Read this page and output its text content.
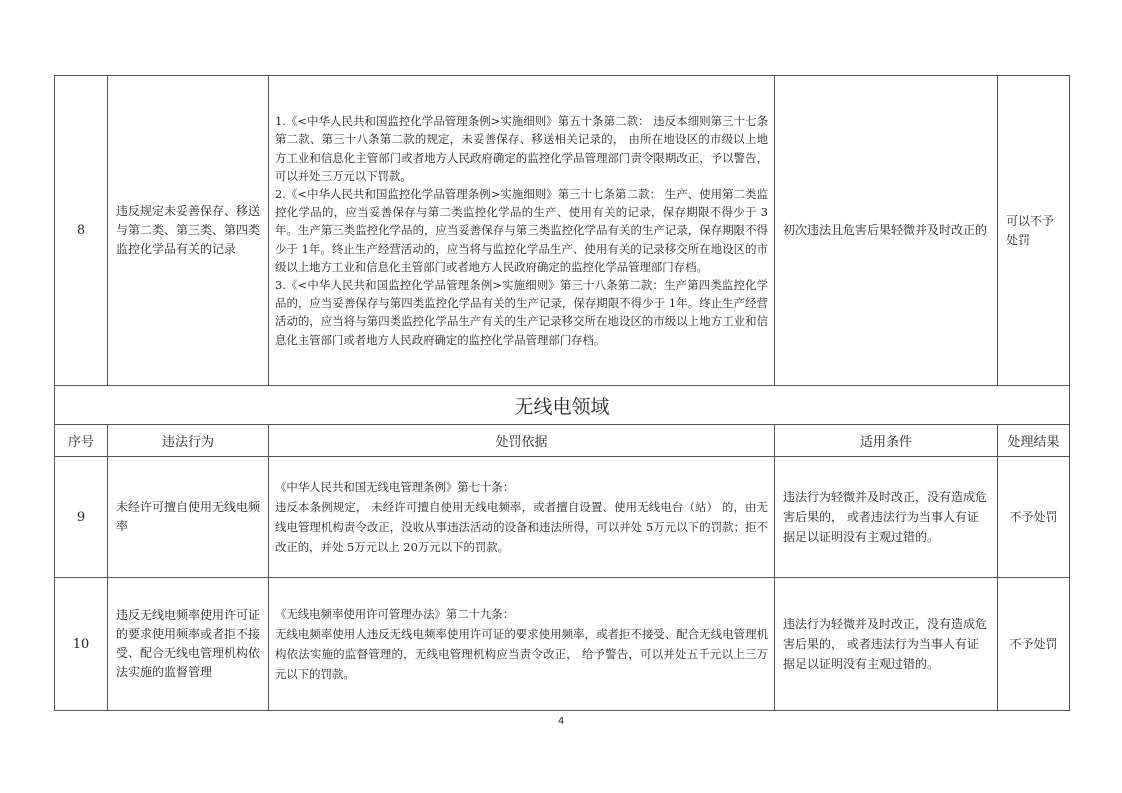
8	违反规定未妥善保存、移送与第二类、第三类、第四类监控化学品有关的记录	1.《<中华人民共和国监控化学品管理条例>实施细则》第五十条第二款： 违反本细则第三十七条第二款、第三十八条第二款的规定，未妥善保存、移送相关记录的， 由所在地设区的市级以上地方工业和信息化主管部门或者地方人民政府确定的监控化学品管理部门责令限期改正，予以警告， 可以并处三万元以下罚款。
2.《<中华人民共和国监控化学品管理条例>实施细则》第三十七条第二款： 生产、使用第二类监控化学品的，应当妥善保存与第二类监控化学品的生产、使用有关的记录，保存期限不得少于 3年。生产第三类监控化学品的，应当妥善保存与第三类监控化学品有关的生产记录，保存期限不得少于 1年。终止生产经营活动的，应当将与监控化学品生产、使用有关的记录移交所在地设区的市级以上地方工业和信息化主管部门或者地方人民政府确定的监控化学品管理部门存档。
3.《<中华人民共和国监控化学品管理条例>实施细则》第三十八条第二款：生产第四类监控化学品的，应当妥善保存与第四类监控化学品有关的生产记录，保存期限不得少于 1年。终止生产经营活动的，应当将与第四类监控化学品生产有关的生产记录移交所在地设区的市级以上地方工业和信息化主管部门或者地方人民政府确定的监控化学品管理部门存档。	初次违法且危害后果轻微并及时改正的	可以不予处罚
无线电领域				
序号	违法行为	处罚依据	适用条件	处理结果
9	未经许可擅自使用无线电频率	《中华人民共和国无线电管理条例》第七十条：
违反本条例规定， 未经许可擅自使用无线电频率，或者擅自设置、使用无线电台（站） 的，由无线电管理机构责令改正，没收从事违法活动的设备和违法所得，可以并处 5万元以下的罚款；拒不改正的，并处 5万元以上 20万元以下的罚款。	违法行为轻微并及时改正，没有造成危害后果的， 或者违法行为当事人有证据足以证明没有主观过错的。	不予处罚
10	违反无线电频率使用许可证的要求使用频率或者拒不接受、配合无线电管理机构依法实施的监督管理	《无线电频率使用许可管理办法》第二十九条：
无线电频率使用人违反无线电频率使用许可证的要求使用频率，或者拒不接受、配合无线电管理机构依法实施的监督管理的，无线电管理机构应当责令改正， 给予警告，可以并处五千元以上三万元以下的罚款。	违法行为轻微并及时改正，没有造成危害后果的， 或者违法行为当事人有证据足以证明没有主观过错的。	不予处罚
4
